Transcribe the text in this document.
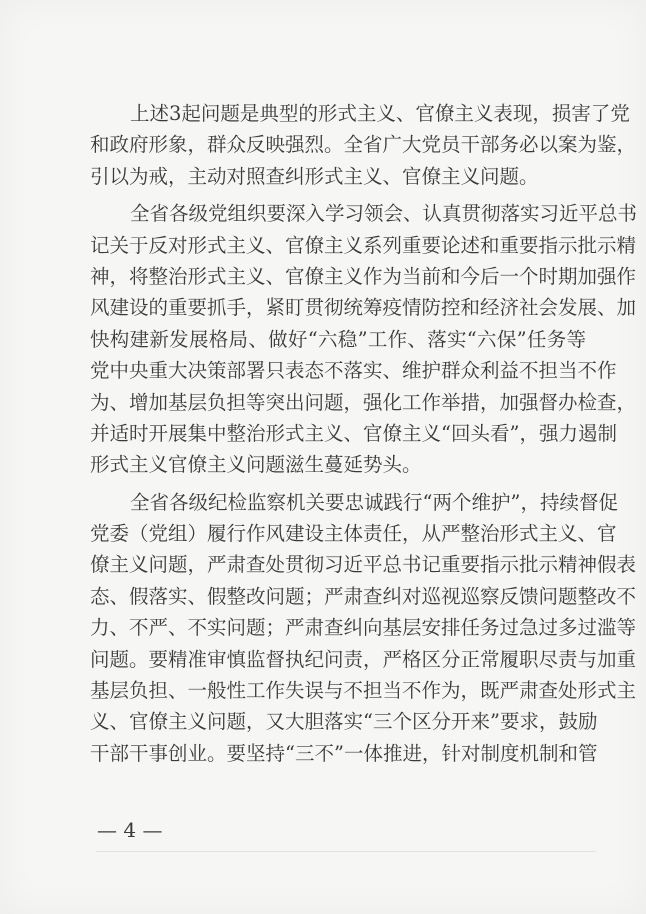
上述3起问题是典型的形式主义、官僚主义表现，损害了党
和政府形象，群众反映强烈。全省广大党员干部务必以案为鉴，
引以为戒，主动对照查纠形式主义、官僚主义问题。
全省各级党组织要深入学习领会、认真贯彻落实习近平总书
记关于反对形式主义、官僚主义系列重要论述和重要指示批示精
神，将整治形式主义、官僚主义作为当前和今后一个时期加强作
风建设的重要抓手，紧盯贯彻统筹疫情防控和经济社会发展、加
快构建新发展格局、做好“六稳”工作、落实“六保”任务等
党中央重大决策部署只表态不落实、维护群众利益不担当不作
为、增加基层负担等突出问题，强化工作举措，加强督办检查，
并适时开展集中整治形式主义、官僚主义“回头看”，强力遏制
形式主义官僚主义问题滋生蔓延势头。
全省各级纪检监察机关要忠诚践行“两个维护”，持续督促
党委（党组）履行作风建设主体责任，从严整治形式主义、官
僚主义问题，严肃查处贯彻习近平总书记重要指示批示精神假表
态、假落实、假整改问题；严肃查纠对巡视巡察反馈问题整改不
力、不严、不实问题；严肃查纠向基层安排任务过急过多过滥等
问题。要精准审慎监督执纪问责，严格区分正常履职尽责与加重
基层负担、一般性工作失误与不担当不作为，既严肃查处形式主
义、官僚主义问题，又大胆落实“三个区分开来”要求，鼓励
干部干事创业。要坚持“三不”一体推进，针对制度机制和管
— 4 —
